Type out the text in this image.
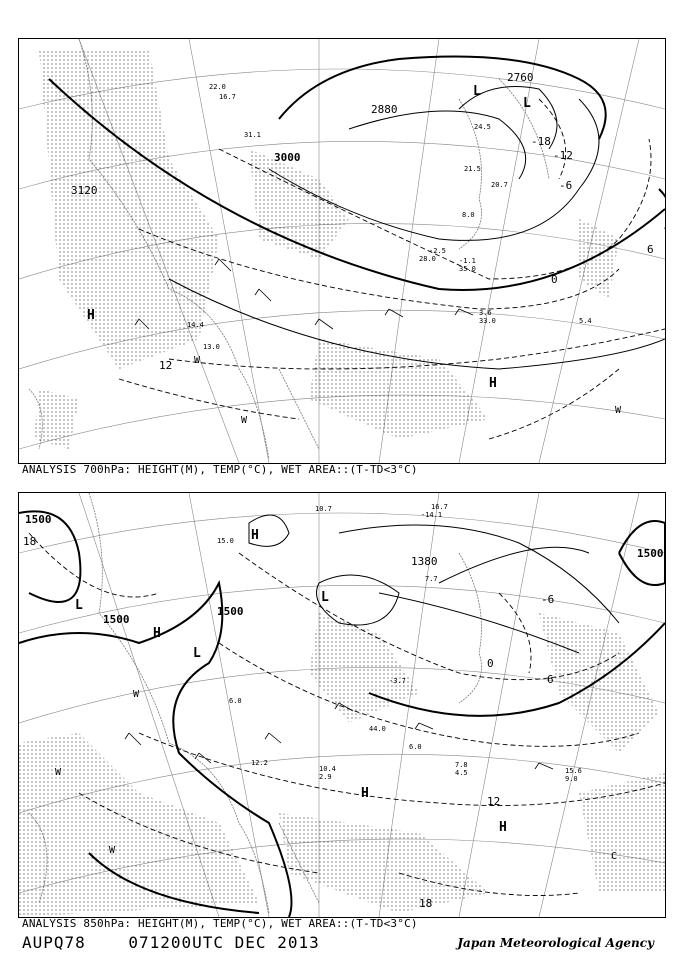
3120
3000
2880
2760
-18
-12
-6
0
6
12
H
H
L
L
W
W
W
22.0
16.7
31.1
14.4	5.4
13.0
3.6
33.0
28.0
-2.5
-1.1
35.0
24.5
21.5
8.0
20.7
ANALYSIS 700hPa: HEIGHT(M), TEMP(°C), WET AREA::(T-TD<3°C)
1500
1500
1500
1380
1500
18
-6
0
6
12
18
H
H
L
L
L
H
H
W
W
W
C
10.7
-14.1
16.7
15.0
7.7
-3.7
6.0
7.8
4.5	15.6
9.0
12.2
10.4
2.9
6.0
44.0
ANALYSIS 850hPa: HEIGHT(M), TEMP(°C), WET AREA::(T-TD<3°C)
AUPQ78	071200UTC DEC 2013	Japan Meteorological Agency
